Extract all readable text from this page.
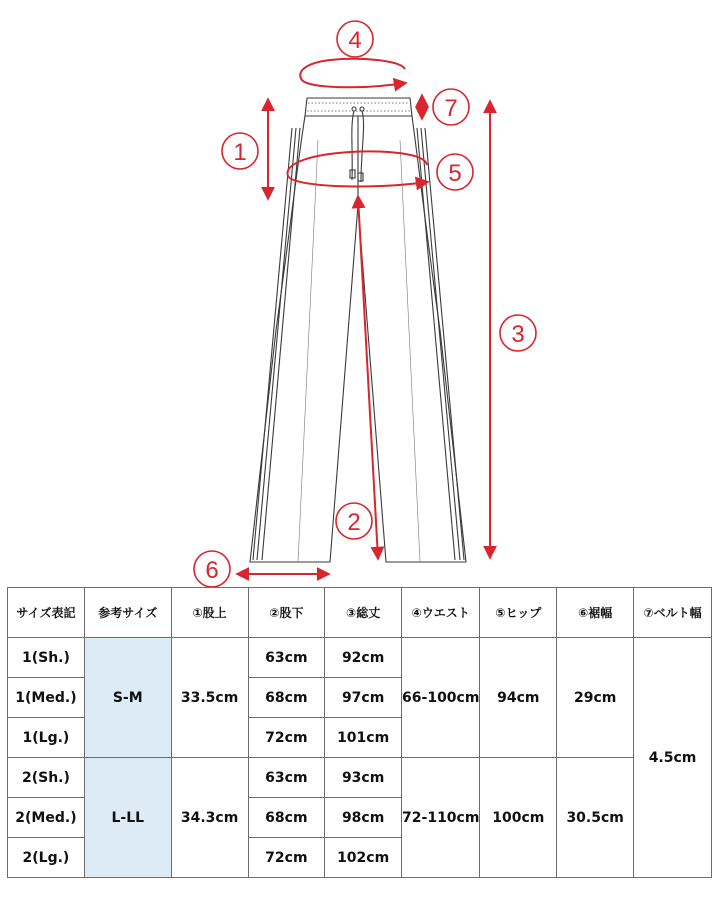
1
2
3
4
5
6
7
サイズ表記	参考サイズ	①股上	②股下	③総丈	④ウエスト	⑤ヒップ	⑥裾幅	⑦ベルト幅
1(Sh.)	S-M	33.5cm	63cm	92cm	66-100cm	94cm	29cm	4.5cm
1(Med.)			68cm	97cm				
1(Lg.)			72cm	101cm				
2(Sh.)	L-LL	34.3cm	63cm	93cm	72-110cm	100cm	30.5cm	
2(Med.)			68cm	98cm				
2(Lg.)			72cm	102cm				
